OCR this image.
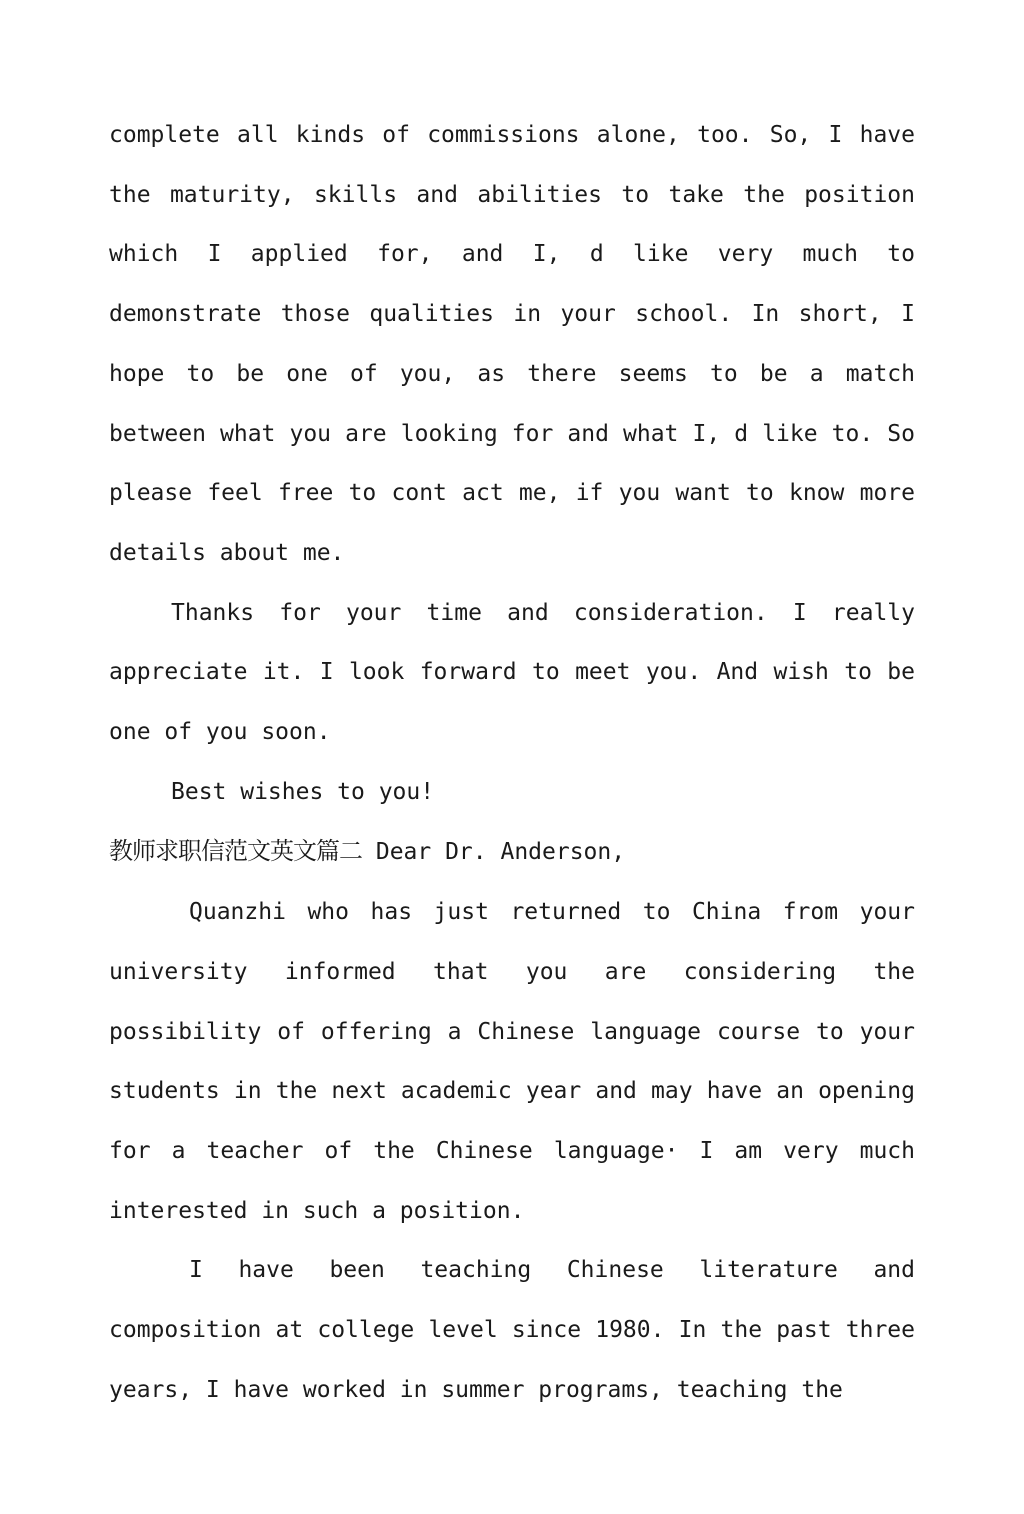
complete all kinds of commissions alone, too. So, I have the maturity, skills and abilities to take the position which I applied for, and I, d like very much to demonstrate those qualities in your school. In short, I hope to be one of you, as there seems to be a match between what you are looking for and what I, d like to. So please feel free to cont act me, if you want to know more details about me.

Thanks for your time and consideration. I really appreciate it. I look forward to meet you. And wish to be one of you soon.

Best wishes to you!

教师求职信范文英文篇二 Dear Dr. Anderson,

Quanzhi who has just returned to China from your university informed that you are considering the possibility of offering a Chinese language course to your students in the next academic year and may have an opening for a teacher of the Chinese language· I am very much interested in such a position.

I have been teaching Chinese literature and composition at college level since 1980. In the past three years, I have worked in summer programs, teaching the
